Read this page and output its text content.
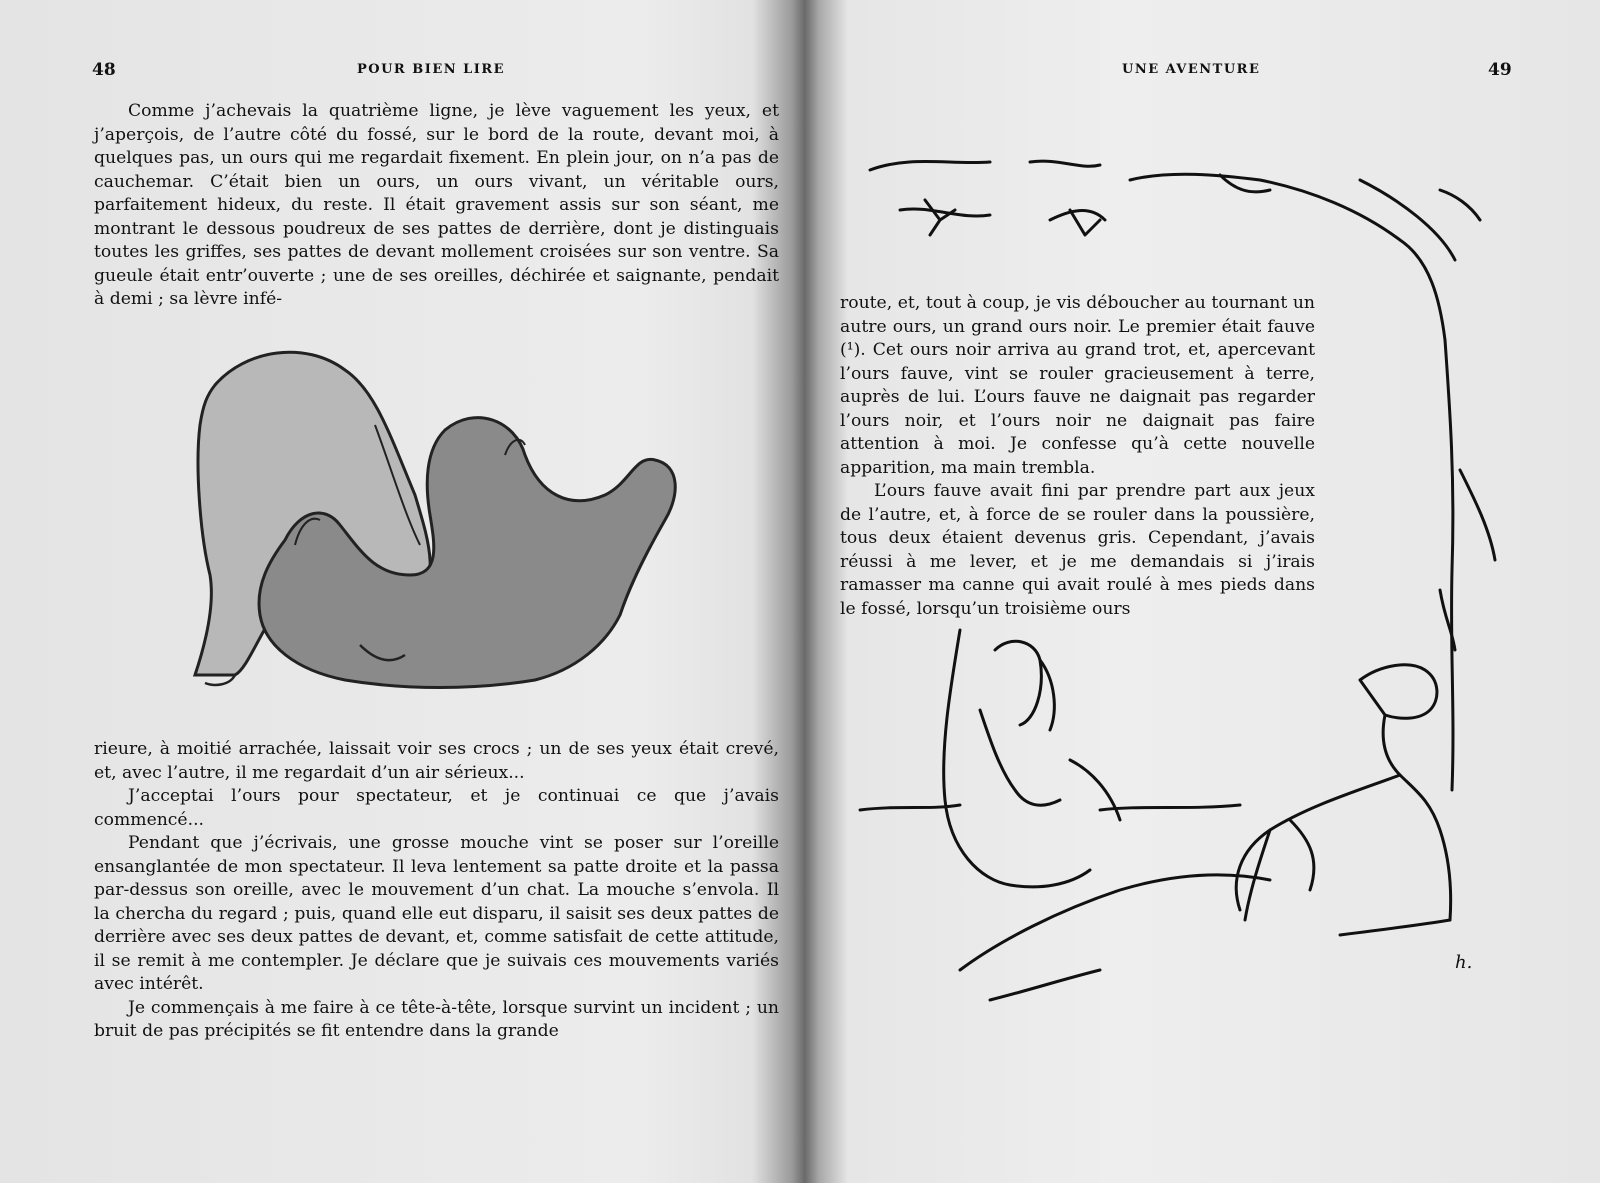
48	POUR BIEN LIRE

Comme j’achevais la quatrième ligne, je lève vaguement les yeux, et j’aperçois, de l’autre côté du fossé, sur le bord de la route, devant moi, à quelques pas, un ours qui me regardait fixement. En plein jour, on n’a pas de cauchemar. C’était bien un ours, un ours vivant, un véritable ours, parfaitement hideux, du reste. Il était gravement assis sur son séant, me montrant le dessous poudreux de ses pattes de derrière, dont je distinguais toutes les griffes, ses pattes de devant mollement croisées sur son ventre. Sa gueule était entr’ouverte ; une de ses oreilles, déchirée et saignante, pendait à demi ; sa lèvre infé-

rieure, à moitié arrachée, laissait voir ses crocs ; un de ses yeux était crevé, et, avec l’autre, il me regardait d’un air sérieux...

J’acceptai l’ours pour spectateur, et je continuai ce que j’avais commencé...

Pendant que j’écrivais, une grosse mouche vint se poser sur l’oreille ensanglantée de mon spectateur. Il leva lentement sa patte droite et la passa par-dessus son oreille, avec le mouvement d’un chat. La mouche s’envola. Il la chercha du regard ; puis, quand elle eut disparu, il saisit ses deux pattes de derrière avec ses deux pattes de devant, et, comme satisfait de cette attitude, il se remit à me contempler. Je déclare que je suivais ces mouvements variés avec intérêt.

Je commençais à me faire à ce tête-à-tête, lorsque survint un incident ; un bruit de pas précipités se fit entendre dans la grande

UNE AVENTURE	49

route, et, tout à coup, je vis déboucher au tournant un autre ours, un grand ours noir. Le premier était fauve (¹). Cet ours noir arriva au grand trot, et, apercevant l’ours fauve, vint se rouler gracieusement à terre, auprès de lui. L’ours fauve ne daignait pas regarder l’ours noir, et l’ours noir ne daignait pas faire attention à moi. Je confesse qu’à cette nouvelle apparition, ma main trembla.

L’ours fauve avait fini par prendre part aux jeux de l’autre, et, à force de se rouler dans la poussière, tous deux étaient devenus gris. Cependant, j’avais réussi à me lever, et je me demandais si j’irais ramasser ma canne qui avait roulé à mes pieds dans le fossé, lorsqu’un troisième ours

h.
